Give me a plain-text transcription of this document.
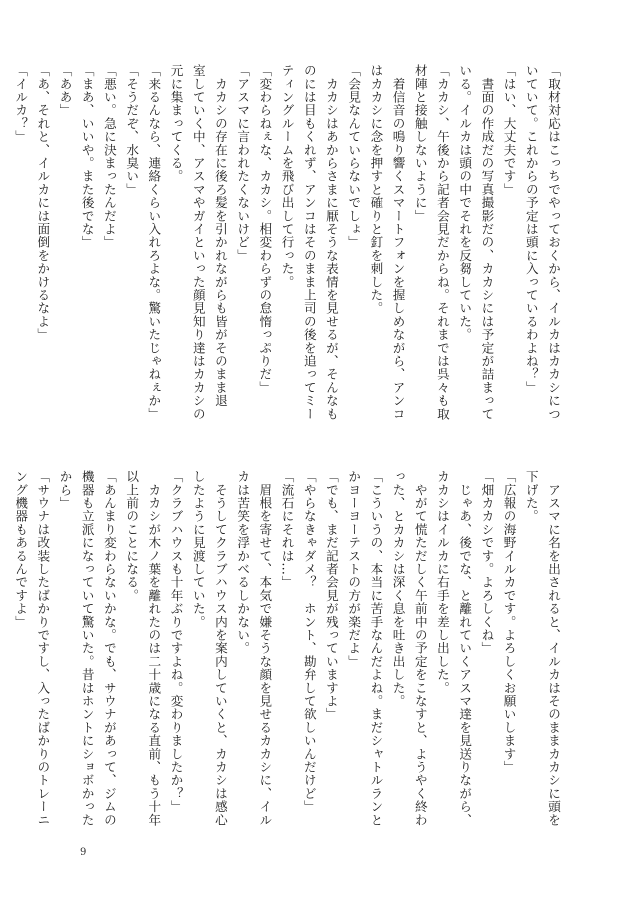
「取材対応はこっちでやっておくから、イルカはカカシにつ
いていて。これからの予定は頭に入っているわよね？」
「はい、大丈夫です」
　書面の作成だの写真撮影だの、カカシには予定が詰まって
いる。イルカは頭の中でそれを反芻していた。
「カカシ、午後から記者会見だからね。それまでは呉々も取
材陣と接触しないように」
　着信音の鳴り響くスマートフォンを握しめながら、アンコ
はカカシに念を押すと確りと釘を刺した。
「会見なんていらないでしょ」
　カカシはあからさまに厭そうな表情を見せるが、そんなも
のには目もくれず、アンコはそのまま上司の後を追ってミー
ティングルームを飛び出して行った。
「変わらねぇな、カカシ。相変わらずの怠惰っぷりだ」
「アスマに言われたくないけど」
　カカシの存在に後ろ髪を引かれながらも皆がそのまま退
室していく中、アスマやガイといった顔見知り達はカカシの
元に集まってくる。
「来るんなら、連絡くらい入れろよな。驚いたじゃねぇか」
「そうだぞ、水臭い」
「悪い。急に決まったんだよ」
「まあ、いいや。また後でな」
「ああ」
「あ、それと、イルカには面倒をかけるなよ」
「イルカ？」
　アスマに名を出されると、イルカはそのままカカシに頭を
下げた。
「広報の海野イルカです。よろしくお願いします」
「畑カカシです。よろしくね」
　じゃあ、後でな、と離れていくアスマ達を見送りながら、
カカシはイルカに右手を差し出した。
　やがて慌ただしく午前中の予定をこなすと、ようやく終わ
った、とカカシは深く息を吐き出した。
「こういうの、本当に苦手なんだよね。まだシャトルランと
かヨーヨーテストの方が楽だよ」
「でも、まだ記者会見が残っていますよ」
「やらなきゃダメ？　ホント、勘弁して欲しいんだけど」
「流石にそれは…」
　眉根を寄せて、本気で嫌そうな顔を見せるカカシに、イル
カは苦笑を浮かべるしかない。
　そうしてクラブハウス内を案内していくと、カカシは感心
したように見渡していた。
「クラブハウスも十年ぶりですよね。変わりましたか？」
　カカシが木ノ葉を離れたのは二十歳になる直前、もう十年
以上前のことになる。
「あんまり変わらないかな。でも、サウナがあって、ジムの
機器も立派になっていて驚いた。昔はホントにショボかった
から」
「サウナは改装したばかりですし、入ったばかりのトレーニ
ング機器もあるんですよ」
9
